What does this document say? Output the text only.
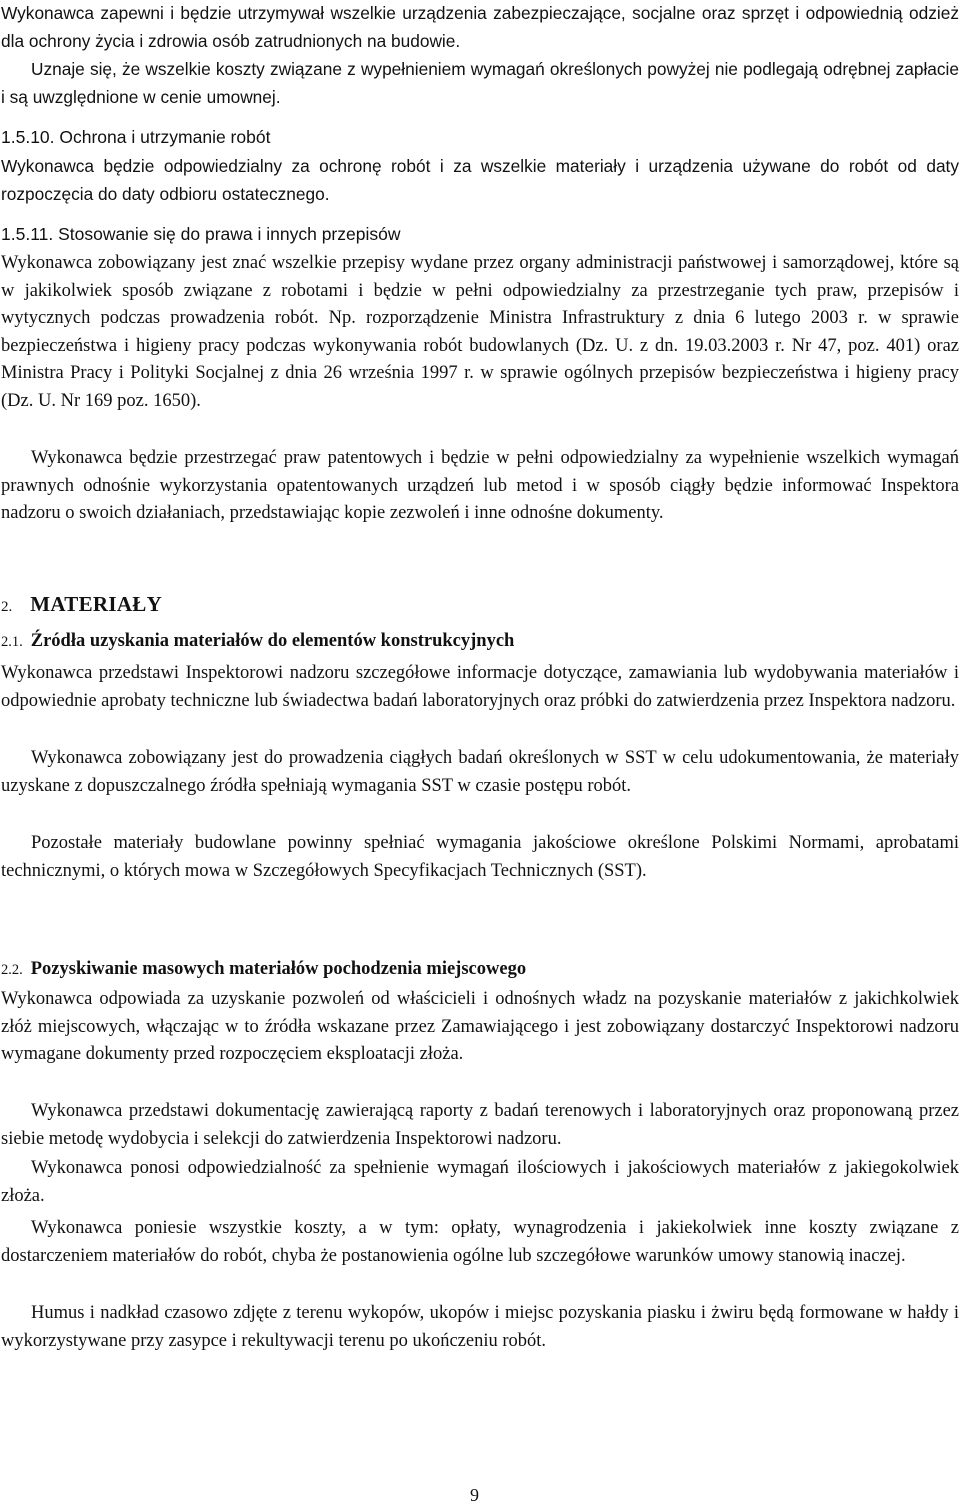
Wykonawca zapewni i będzie utrzymywał wszelkie urządzenia zabezpieczające, socjalne oraz sprzęt i odpowiednią odzież dla ochrony życia i zdrowia osób zatrudnionych na budowie.

Uznaje się, że wszelkie koszty związane z wypełnieniem wymagań określonych powyżej nie podlegają odrębnej zapłacie i są uwzględnione w cenie umownej.

1.5.10. Ochrona i utrzymanie robót

Wykonawca będzie odpowiedzialny za ochronę robót i za wszelkie materiały i urządzenia używane do robót od daty rozpoczęcia do daty odbioru ostatecznego.

1.5.11. Stosowanie się do prawa i innych przepisów

Wykonawca zobowiązany jest znać wszelkie przepisy wydane przez organy administracji państwowej i samorządowej, które są w jakikolwiek sposób związane z robotami i będzie w pełni odpowiedzialny za przestrzeganie tych praw, przepisów i wytycznych podczas prowadzenia robót. Np. rozporządzenie Ministra Infrastruktury z dnia 6 lutego 2003 r. w sprawie bezpieczeństwa i higieny pracy podczas wykonywania robót budowlanych (Dz. U. z dn. 19.03.2003 r. Nr 47, poz. 401) oraz Ministra Pracy i Polityki Socjalnej z dnia 26 września 1997 r. w sprawie ogólnych przepisów bezpieczeństwa i higieny pracy (Dz. U. Nr 169 poz. 1650).

Wykonawca będzie przestrzegać praw patentowych i będzie w pełni odpowiedzialny za wypełnienie wszelkich wymagań prawnych odnośnie wykorzystania opatentowanych urządzeń lub metod i w sposób ciągły będzie informować Inspektora nadzoru o swoich działaniach, przedstawiając kopie zezwoleń i inne odnośne dokumenty.

2. MATERIAŁY
2.1. Źródła uzyskania materiałów do elementów konstrukcyjnych

Wykonawca przedstawi Inspektorowi nadzoru szczegółowe informacje dotyczące, zamawiania lub wydobywania materiałów i odpowiednie aprobaty techniczne lub świadectwa badań laboratoryjnych oraz próbki do zatwierdzenia przez Inspektora nadzoru.

Wykonawca zobowiązany jest do prowadzenia ciągłych badań określonych w SST w celu udokumentowania, że materiały uzyskane z dopuszczalnego źródła spełniają wymagania SST w czasie postępu robót.

Pozostałe materiały budowlane powinny spełniać wymagania jakościowe określone Polskimi Normami, aprobatami technicznymi, o których mowa w Szczegółowych Specyfikacjach Technicznych (SST).

2.2. Pozyskiwanie masowych materiałów pochodzenia miejscowego

Wykonawca odpowiada za uzyskanie pozwoleń od właścicieli i odnośnych władz na pozyskanie materiałów z jakichkolwiek złóż miejscowych, włączając w to źródła wskazane przez Zamawiającego i jest zobowiązany dostarczyć Inspektorowi nadzoru wymagane dokumenty przed rozpoczęciem eksploatacji złoża.

Wykonawca przedstawi dokumentację zawierającą raporty z badań terenowych i laboratoryjnych oraz proponowaną przez siebie metodę wydobycia i selekcji do zatwierdzenia Inspektorowi nadzoru.

Wykonawca ponosi odpowiedzialność za spełnienie wymagań ilościowych i jakościowych materiałów z jakiegokolwiek złoża.

Wykonawca poniesie wszystkie koszty, a w tym: opłaty, wynagrodzenia i jakiekolwiek inne koszty związane z dostarczeniem materiałów do robót, chyba że postanowienia ogólne lub szczegółowe warunków umowy stanowią inaczej.

Humus i nadkład czasowo zdjęte z terenu wykopów, ukopów i miejsc pozyskania piasku i żwiru będą formowane w hałdy i wykorzystywane przy zasypce i rekultywacji terenu po ukończeniu robót.

9
